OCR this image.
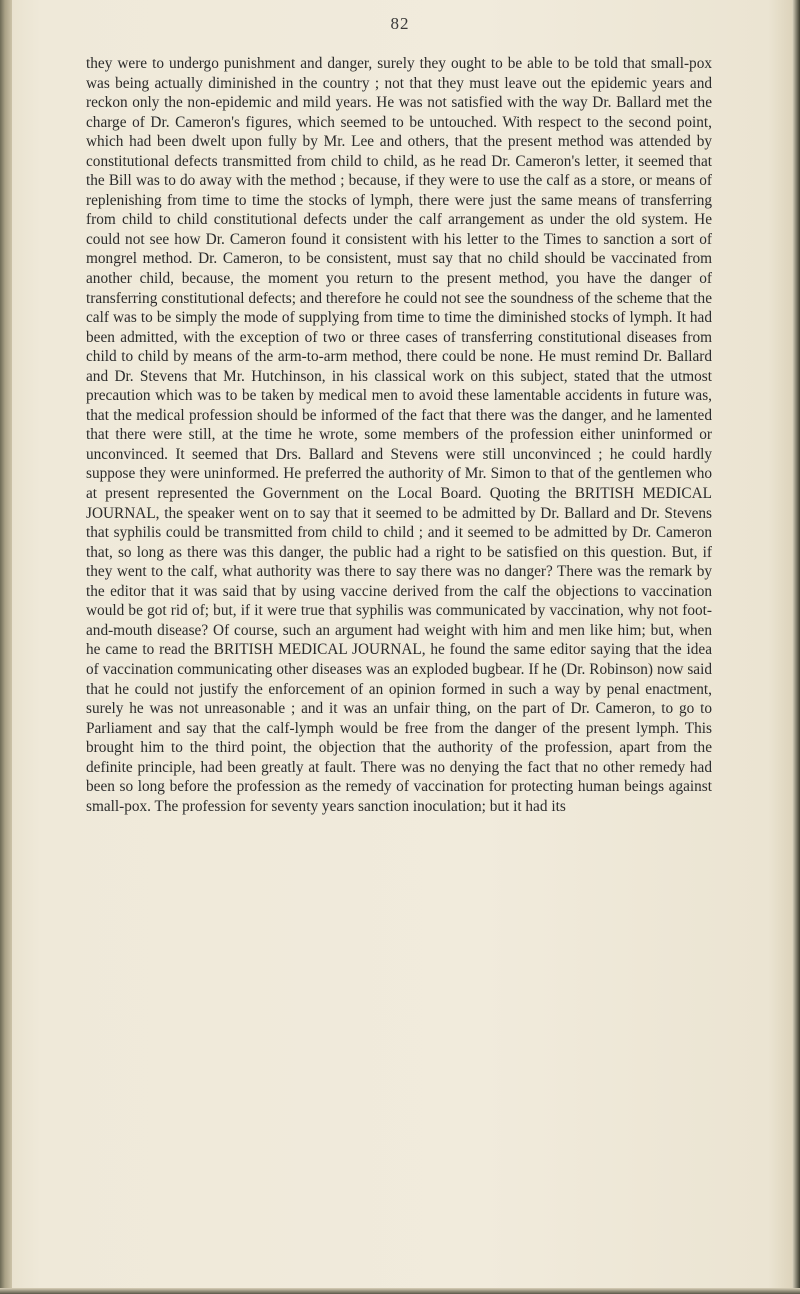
82

they were to undergo punishment and danger, surely they ought to be able to be told that small-pox was being actually diminished in the country ; not that they must leave out the epidemic years and reckon only the non-epidemic and mild years. He was not satisfied with the way Dr. Ballard met the charge of Dr. Cameron's figures, which seemed to be untouched. With respect to the second point, which had been dwelt upon fully by Mr. Lee and others, that the present method was attended by constitutional defects transmitted from child to child, as he read Dr. Cameron's letter, it seemed that the Bill was to do away with the method ; because, if they were to use the calf as a store, or means of replenishing from time to time the stocks of lymph, there were just the same means of transferring from child to child constitutional defects under the calf arrangement as under the old system. He could not see how Dr. Cameron found it consistent with his letter to the Times to sanction a sort of mongrel method. Dr. Cameron, to be consistent, must say that no child should be vaccinated from another child, because, the moment you return to the present method, you have the danger of transferring constitutional defects; and therefore he could not see the soundness of the scheme that the calf was to be simply the mode of supplying from time to time the diminished stocks of lymph. It had been admitted, with the exception of two or three cases of transferring constitutional diseases from child to child by means of the arm-to-arm method, there could be none. He must remind Dr. Ballard and Dr. Stevens that Mr. Hutchinson, in his classical work on this subject, stated that the utmost precaution which was to be taken by medical men to avoid these lamentable accidents in future was, that the medical profession should be informed of the fact that there was the danger, and he lamented that there were still, at the time he wrote, some members of the profession either uninformed or unconvinced. It seemed that Drs. Ballard and Stevens were still unconvinced ; he could hardly suppose they were uninformed. He preferred the authority of Mr. Simon to that of the gentlemen who at present represented the Government on the Local Board. Quoting the BRITISH MEDICAL JOURNAL, the speaker went on to say that it seemed to be admitted by Dr. Ballard and Dr. Stevens that syphilis could be transmitted from child to child ; and it seemed to be admitted by Dr. Cameron that, so long as there was this danger, the public had a right to be satisfied on this question. But, if they went to the calf, what authority was there to say there was no danger? There was the remark by the editor that it was said that by using vaccine derived from the calf the objections to vaccination would be got rid of; but, if it were true that syphilis was communicated by vaccination, why not foot-and-mouth disease? Of course, such an argument had weight with him and men like him; but, when he came to read the BRITISH MEDICAL JOURNAL, he found the same editor saying that the idea of vaccination communicating other diseases was an exploded bugbear. If he (Dr. Robinson) now said that he could not justify the enforcement of an opinion formed in such a way by penal enactment, surely he was not unreasonable ; and it was an unfair thing, on the part of Dr. Cameron, to go to Parliament and say that the calf-lymph would be free from the danger of the present lymph. This brought him to the third point, the objection that the authority of the profession, apart from the definite principle, had been greatly at fault. There was no denying the fact that no other remedy had been so long before the profession as the remedy of vaccination for protecting human beings against small-pox. The profession for seventy years sanction inoculation; but it had its
